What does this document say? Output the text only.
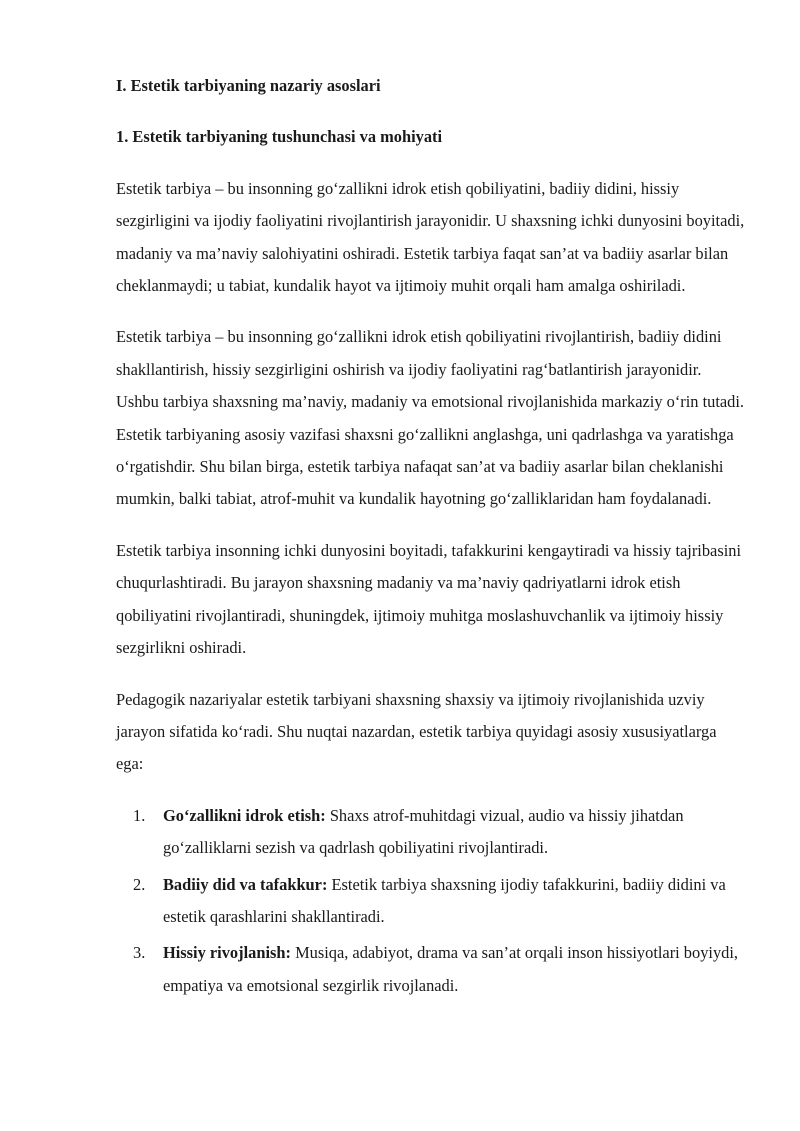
I. Estetik tarbiyaning nazariy asoslari
1. Estetik tarbiyaning tushunchasi va mohiyati

Estetik tarbiya – bu insonning go‘zallikni idrok etish qobiliyatini, badiiy didini, hissiy sezgirligini va ijodiy faoliyatini rivojlantirish jarayonidir. U shaxsning ichki dunyosini boyitadi, madaniy va ma’naviy salohiyatini oshiradi. Estetik tarbiya faqat san’at va badiiy asarlar bilan cheklanmaydi; u tabiat, kundalik hayot va ijtimoiy muhit orqali ham amalga oshiriladi.

Estetik tarbiya – bu insonning go‘zallikni idrok etish qobiliyatini rivojlantirish, badiiy didini shakllantirish, hissiy sezgirligini oshirish va ijodiy faoliyatini rag‘batlantirish jarayonidir. Ushbu tarbiya shaxsning ma’naviy, madaniy va emotsional rivojlanishida markaziy o‘rin tutadi. Estetik tarbiyaning asosiy vazifasi shaxsni go‘zallikni anglashga, uni qadrlashga va yaratishga o‘rgatishdir. Shu bilan birga, estetik tarbiya nafaqat san’at va badiiy asarlar bilan cheklanishi mumkin, balki tabiat, atrof-muhit va kundalik hayotning go‘zalliklaridan ham foydalanadi.

Estetik tarbiya insonning ichki dunyosini boyitadi, tafakkurini kengaytiradi va hissiy tajribasini chuqurlashtiradi. Bu jarayon shaxsning madaniy va ma’naviy qadriyatlarni idrok etish qobiliyatini rivojlantiradi, shuningdek, ijtimoiy muhitga moslashuvchanlik va ijtimoiy hissiy sezgirlikni oshiradi.

Pedagogik nazariyalar estetik tarbiyani shaxsning shaxsiy va ijtimoiy rivojlanishida uzviy jarayon sifatida ko‘radi. Shu nuqtai nazardan, estetik tarbiya quyidagi asosiy xususiyatlarga ega:

1. Go‘zallikni idrok etish: Shaxs atrof-muhitdagi vizual, audio va hissiy jihatdan go‘zalliklarni sezish va qadrlash qobiliyatini rivojlantiradi.
2. Badiiy did va tafakkur: Estetik tarbiya shaxsning ijodiy tafakkurini, badiiy didini va estetik qarashlarini shakllantiradi.
3. Hissiy rivojlanish: Musiqa, adabiyot, drama va san’at orqali inson hissiyotlari boyiydi, empatiya va emotsional sezgirlik rivojlanadi.
